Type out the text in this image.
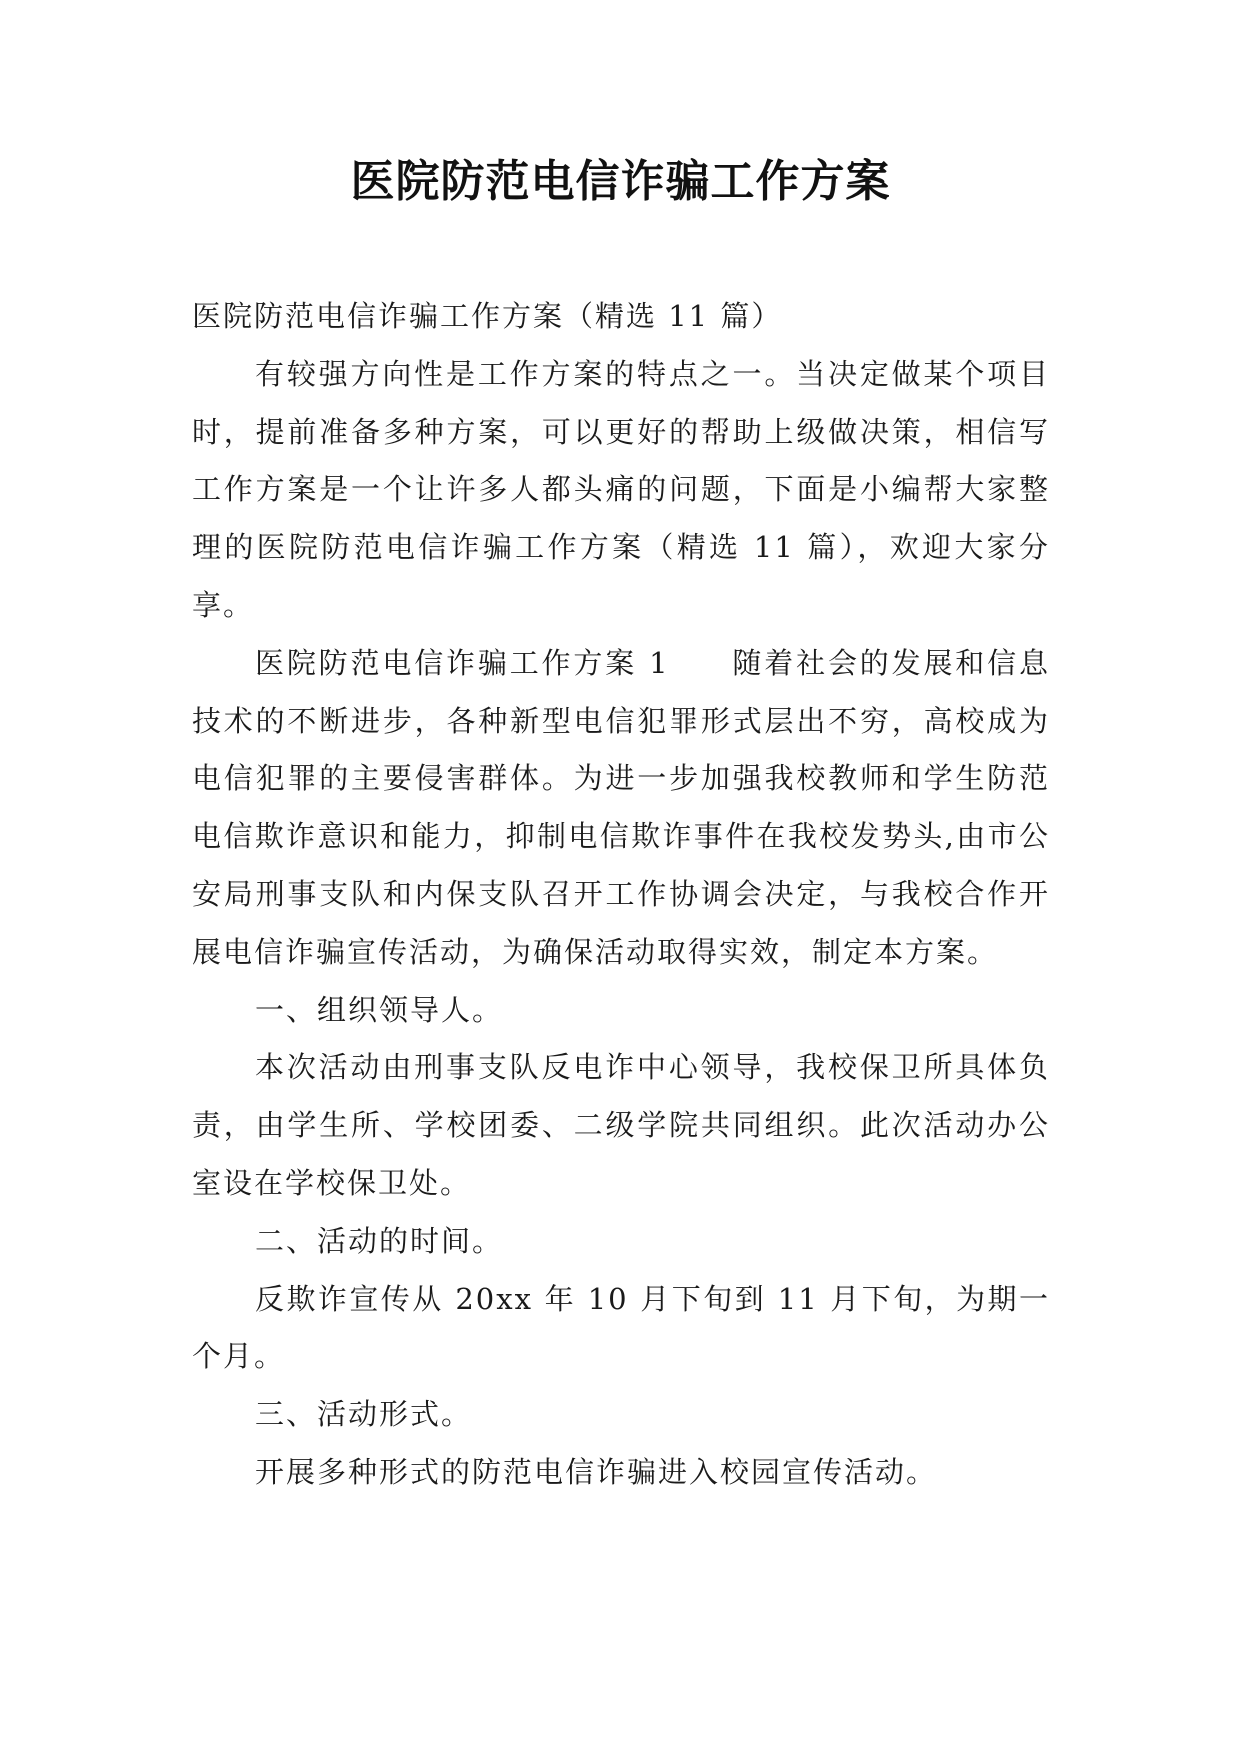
医院防范电信诈骗工作方案

医院防范电信诈骗工作方案（精选 11 篇）

有较强方向性是工作方案的特点之一。当决定做某个项目时，提前准备多种方案，可以更好的帮助上级做决策，相信写工作方案是一个让许多人都头痛的问题，下面是小编帮大家整理的医院防范电信诈骗工作方案（精选 11 篇），欢迎大家分享。

医院防范电信诈骗工作方案 1 随着社会的发展和信息技术的不断进步，各种新型电信犯罪形式层出不穷，高校成为电信犯罪的主要侵害群体。为进一步加强我校教师和学生防范电信欺诈意识和能力，抑制电信欺诈事件在我校发势头,由市公安局刑事支队和内保支队召开工作协调会决定，与我校合作开展电信诈骗宣传活动，为确保活动取得实效，制定本方案。

一、组织领导人。

本次活动由刑事支队反电诈中心领导，我校保卫所具体负责，由学生所、学校团委、二级学院共同组织。此次活动办公室设在学校保卫处。

二、活动的时间。

反欺诈宣传从 20xx 年 10 月下旬到 11 月下旬，为期一个月。

三、活动形式。

开展多种形式的防范电信诈骗进入校园宣传活动。
